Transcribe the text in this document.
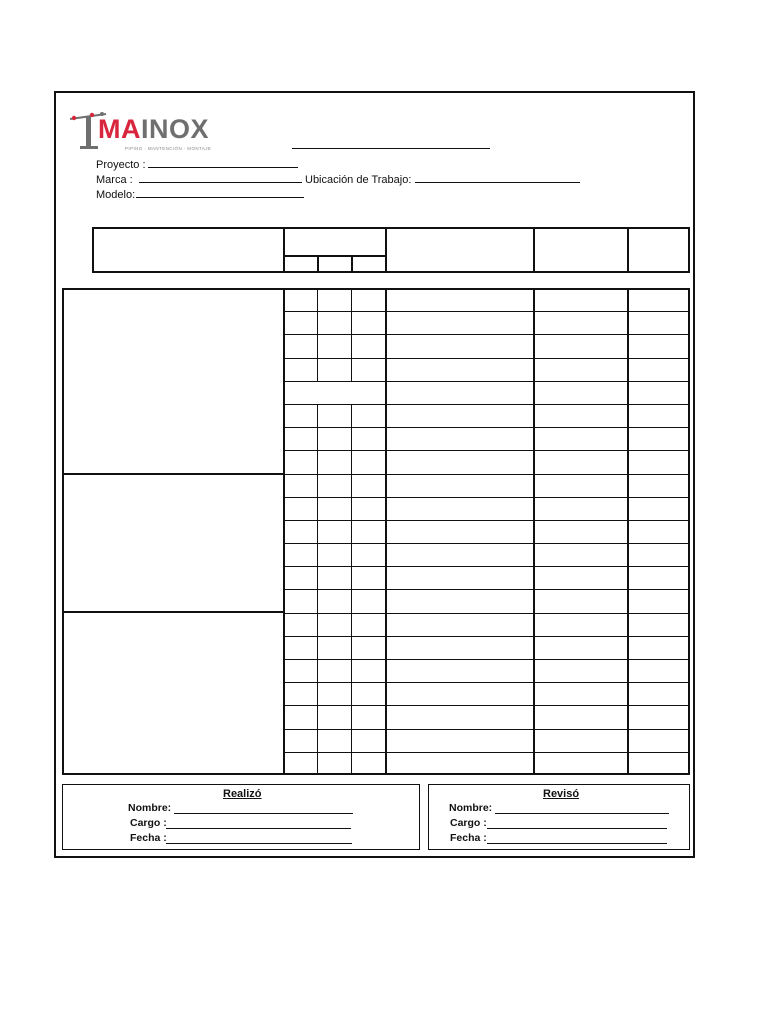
MAINOX
PIPING · MANTENCIÓN · MONTAJE
Proyecto :
Marca :	Ubicación de Trabajo:
Modelo:
Realizó
Nombre:
Cargo :
Fecha :
Revisó
Nombre:
Cargo :
Fecha :
